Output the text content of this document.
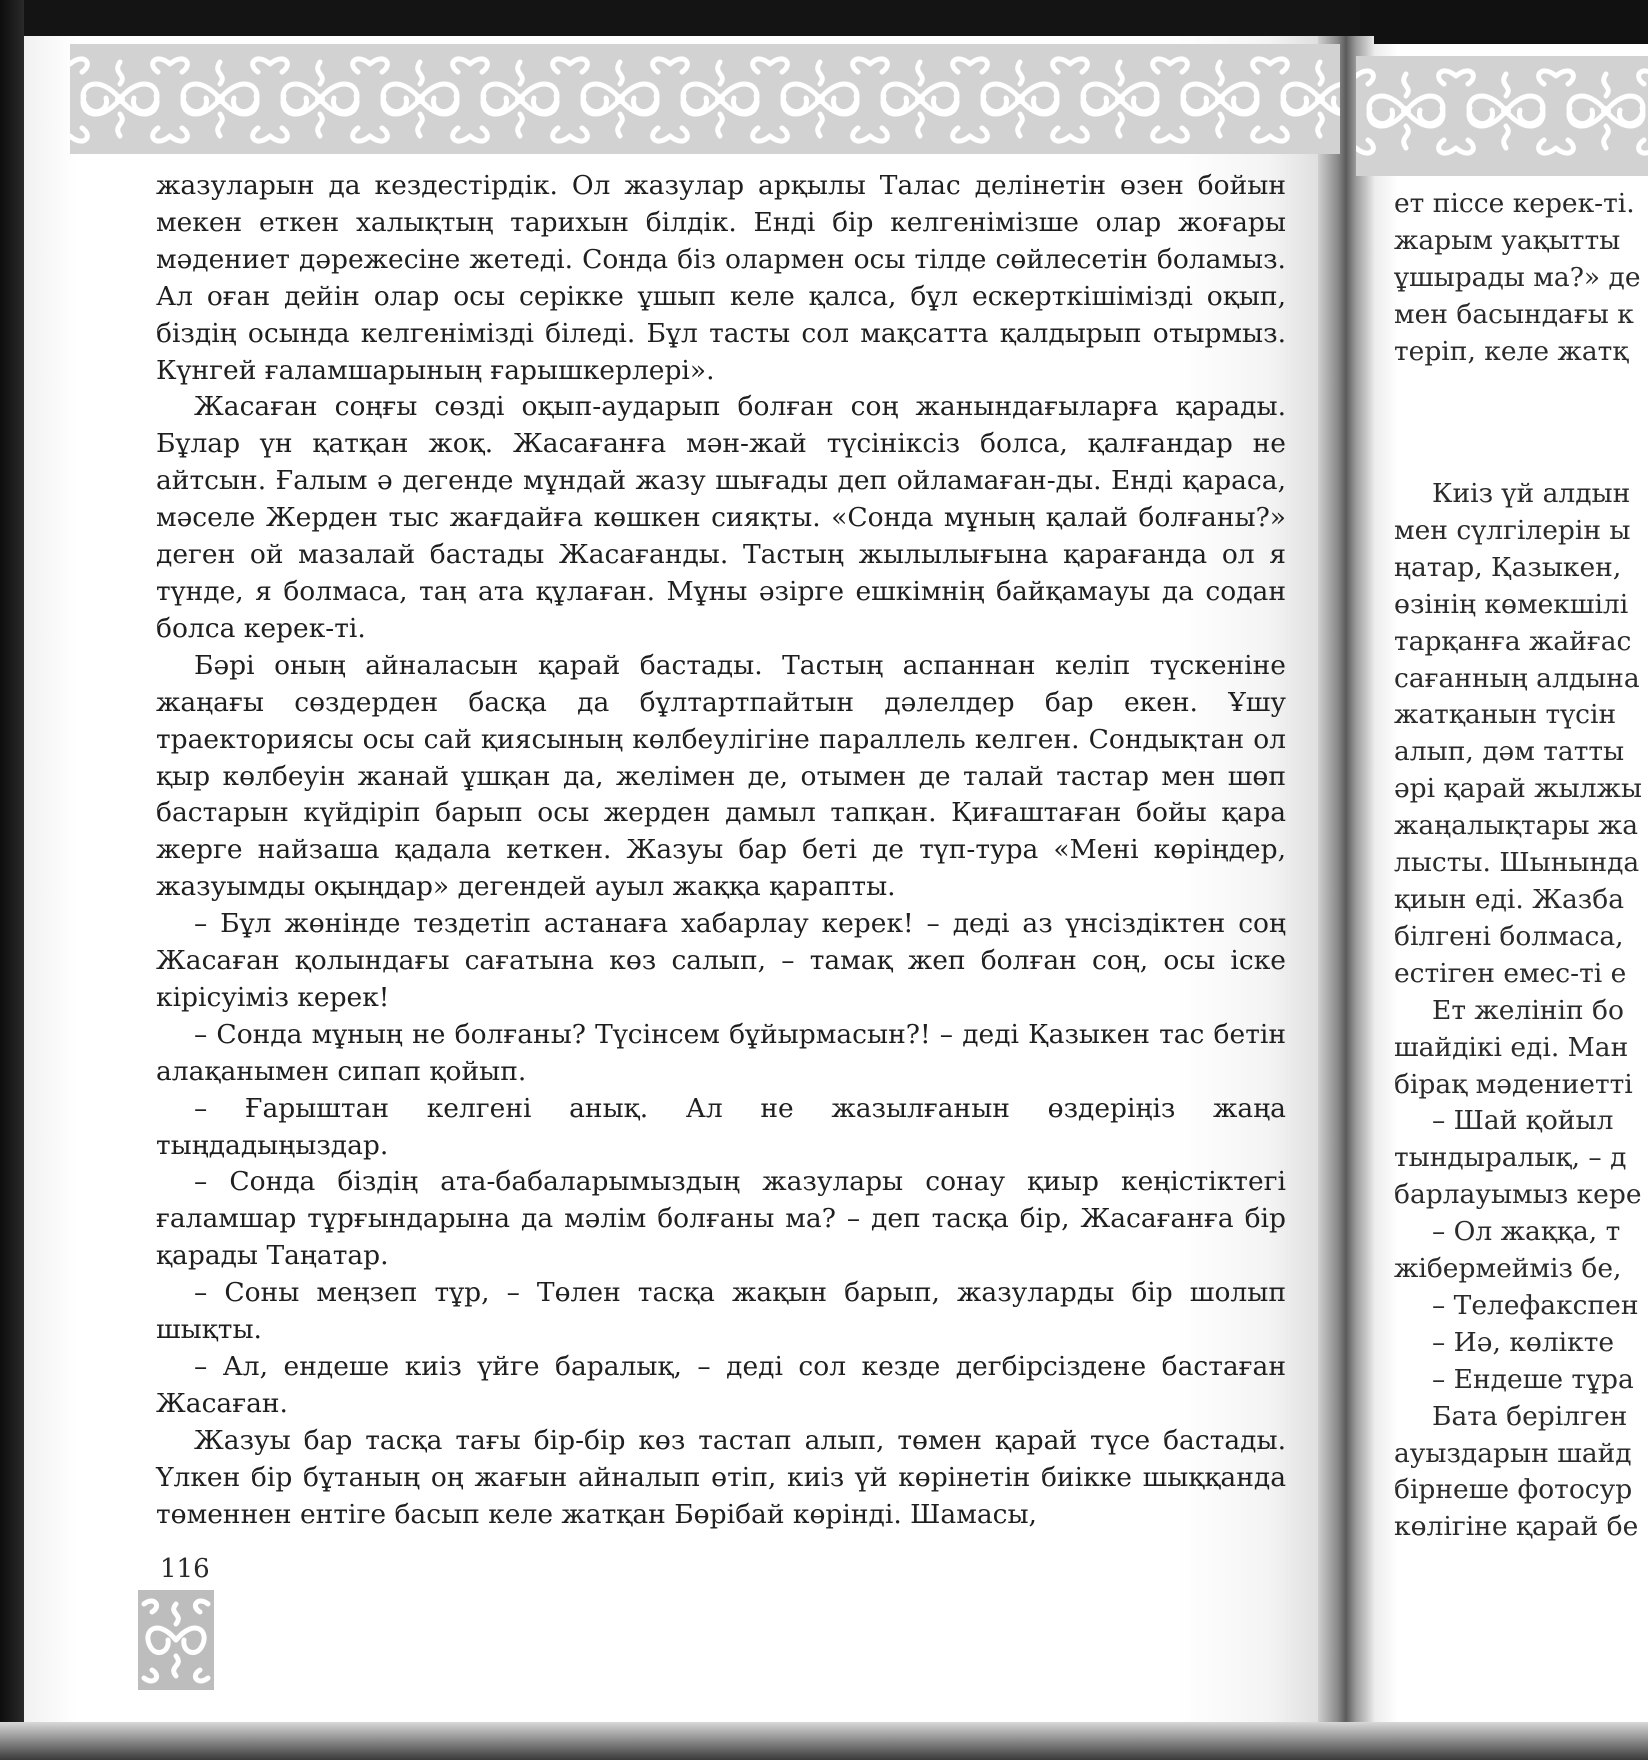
жазуларын да кездестірдік. Ол жазулар арқылы Талас делінетін өзен бойын мекен еткен халықтың тарихын білдік. Енді бір келгенімізше олар жоғары мәдениет дәрежесіне жетеді. Сонда біз олармен осы тілде сөйлесетін боламыз. Ал оған дейін олар осы серікке ұшып келе қалса, бұл ескерткішімізді оқып, біздің осында келгенімізді біледі. Бұл тасты сол мақсатта қалдырып отырмыз. Күнгей ғаламшарының ғарышкерлері».

Жасаған соңғы сөзді оқып-аударып болған соң жанындағыларға қарады. Бұлар үн қатқан жоқ. Жасағанға мән-жай түсініксіз болса, қалғандар не айтсын. Ғалым ә дегенде мұндай жазу шығады деп ойламаған-ды. Енді қараса, мәселе Жерден тыс жағдайға көшкен сияқты. «Сонда мұның қалай болғаны?» деген ой мазалай бастады Жасағанды. Тастың жылылығына қарағанда ол я түнде, я болмаса, таң ата құлаған. Мұны әзірге ешкімнің байқамауы да содан болса керек-ті.

Бәрі оның айналасын қарай бастады. Тастың аспаннан келіп түскеніне жаңағы сөздерден басқа да бұлтартпайтын дәлелдер бар екен. Ұшу траекториясы осы сай қиясының көлбеулігіне параллель келген. Сондықтан ол қыр көлбеуін жанай ұшқан да, желімен де, отымен де талай тастар мен шөп бастарын күйдіріп барып осы жерден дамыл тапқан. Қиғаштаған бойы қара жерге найзаша қадала кеткен. Жазуы бар беті де түп-тура «Мені көріңдер, жазуымды оқыңдар» дегендей ауыл жаққа қарапты.

– Бұл жөнінде тездетіп астанаға хабарлау керек! – деді аз үнсіздіктен соң Жасаған қолындағы сағатына көз салып, – тамақ жеп болған соң, осы іске кірісуіміз керек!

– Сонда мұның не болғаны? Түсінсем бұйырмасын?! – деді Қазыкен тас бетін алақанымен сипап қойып.

– Ғарыштан келгені анық. Ал не жазылғанын өздеріңіз жаңа тыңдадыңыздар.

– Сонда біздің ата-бабаларымыздың жазулары сонау қиыр кеңістіктегі ғаламшар тұрғындарына да мәлім болғаны ма? – деп тасқа бір, Жасағанға бір қарады Таңатар.

– Соны меңзеп тұр, – Төлен тасқа жақын барып, жазуларды бір шолып шықты.

– Ал, ендеше киіз үйге баралық, – деді сол кезде дегбірсіздене бастаған Жасаған.

Жазуы бар тасқа тағы бір-бір көз тастап алып, төмен қарай түсе бастады. Үлкен бір бұтаның оң жағын айналып өтіп, киіз үй көрінетін биікке шыққанда төменнен ентіге басып келе жатқан Бөрібай көрінді. Шамасы,

116
ет піссе керек-ті.
жарым уақытты
ұшырады ма?» де
мен басындағы к
теріп, келе жатқ
Киіз үй алдын
мен сүлгілерін ы
ңатар, Қазыкен,
өзінің көмекшілі
тарқанға жайғас
сағанның алдына
жатқанын түсін
алып, дәм татты
әрі қарай жылжы
жаңалықтары жа
лысты. Шынында
қиын еді. Жазба
білгені болмаса,
естіген емес-ті е
Ет желініп бо
шайдікі еді. Ман
бірақ мәдениетті
– Шай қойыл
тындыралық, – д
барлауымыз кере
– Ол жаққа, т
жібермейміз бе,
– Телефакспен
– Иә, көлікте
– Ендеше тұра
Бата берілген
ауыздарын шайд
бірнеше фотосур
көлігіне қарай бе
